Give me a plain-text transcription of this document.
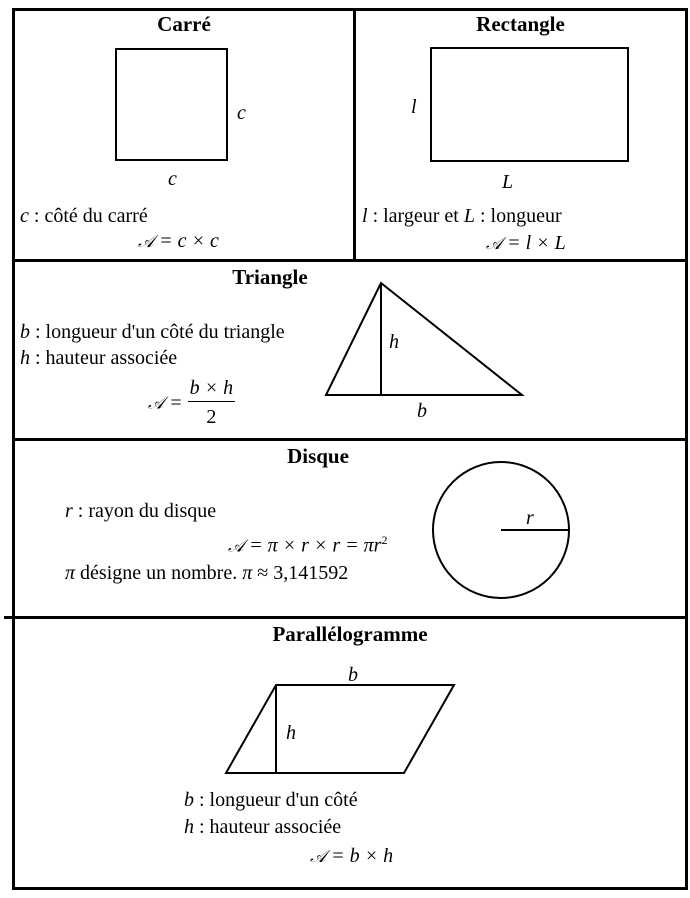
Carré
c
c
c : côté du carré
𝒜 = c × c
Rectangle
l
L
l : largeur et L : longueur
𝒜 = l × L
Triangle
b : longueur d'un côté du triangle
h : hauteur associée
𝒜 = $\frac{b \times h}{2}$
h
b
Disque
r : rayon du disque
𝒜 = $\pi \times r \times r = \pi r^2$
π désigne un nombre. π ≈ 3,141592
r
Parallélogramme
b
h
b : longueur d'un côté
h : hauteur associée
𝒜 = b × h
